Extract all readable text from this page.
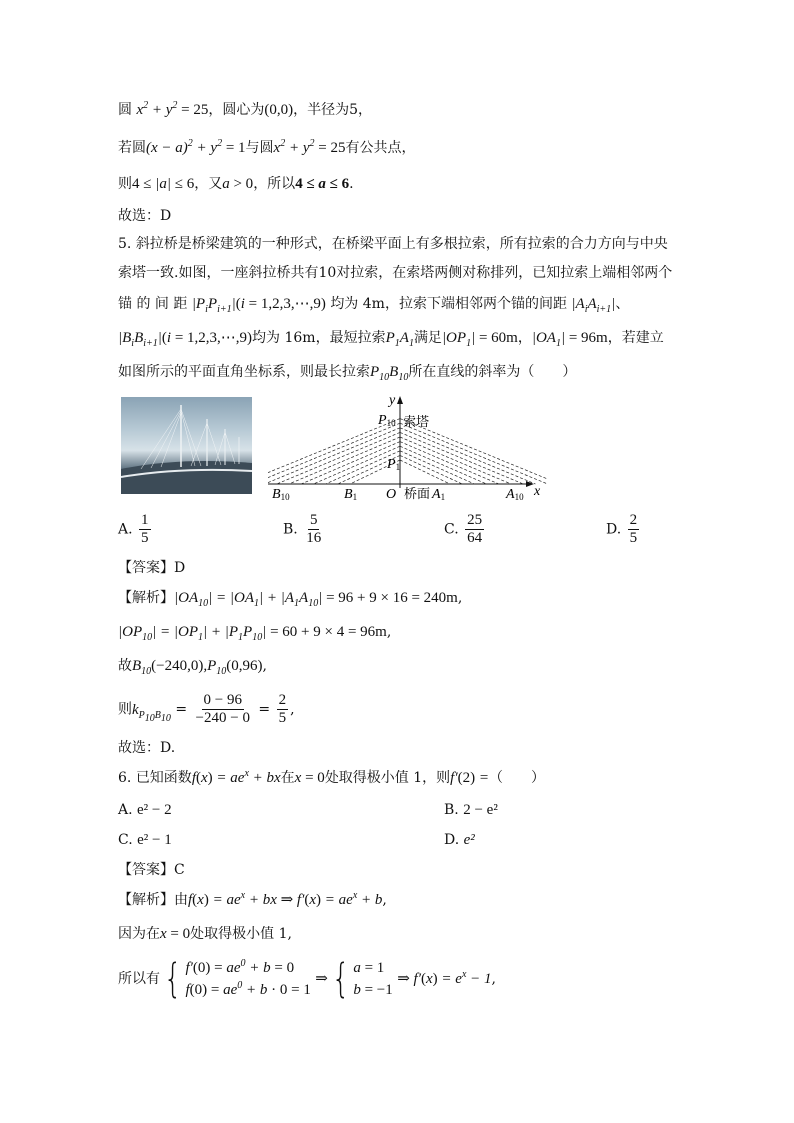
圆 $x^2 + y^2 = 25$，圆心为(0,0)，半径为5，
若圆$(x - a)^2 + y^2 = 1$与圆$x^2 + y^2 = 25$有公共点，
则4 ≤ |a| ≤ 6，又a > 0，所以4 ≤ a ≤ 6.
故选：D
5. 斜拉桥是桥梁建筑的一种形式，在桥梁平面上有多根拉索，所有拉索的合力方向与中央
索塔一致.如图，一座斜拉桥共有10对拉索，在索塔两侧对称排列，已知拉索上端相邻两个
锚 的 间 距 $|P_iP_{i+1}|(i$ = 1,2,3,⋯,9) 均为 4m，拉索下端相邻两个锚的间距 $|A_iA_{i+1}|$、
$|B_iB_{i+1}|(i$ = 1,2,3,⋯,9)均为 16m，最短拉索$P_1A_1$满足$|OP_1| = 60m$，$|OA_1| = 96m$，若建立
如图所示的平面直角坐标系，则最长拉索$P_{10}B_{10}$所在直线的斜率为（　　）
y
x
P10 索塔
P1
B10	B1 O 桥面 A1	A10
A. $\frac{1}{5}$	B. $\frac{5}{16}$	C. $\frac{25}{64}$	D. $\frac{2}{5}$
【答案】D
【解析】$|OA_{10}| = |OA_1| + |A_1A_{10}| = 96 + 9 \times 16 = 240m$,
$|OP_{10}| = |OP_1| + |P_1P_{10}| = 60 + 9 \times 4 = 96m$,
故$B_{10}(-240,0),P_{10}(0,96)$,
则$k_{P_{10}B_{10}} = \frac{0 - 96}{-240 - 0} = \frac{2}{5}$ ,
故选：D.
6. 已知函数$f(x) = ae^x$ + bx在x = 0处取得极小值 1，则f′(2) =（　　）
A. e² − 2	B. 2 − e²
C. e² − 1	D. e²
【答案】C
【解析】由$f(x) = ae^x$ + bx ⇒ $f'(x) = ae^x + b$,
因为在x = 0处取得极小值 1,
所以有 { $f'(0) = ae^0 + b = 0$
$f(0) = ae^0 + b \cdot 0 = 1$
⇒ { a = 1
b = −1
⇒ $f'(x) = e^x - 1$,
